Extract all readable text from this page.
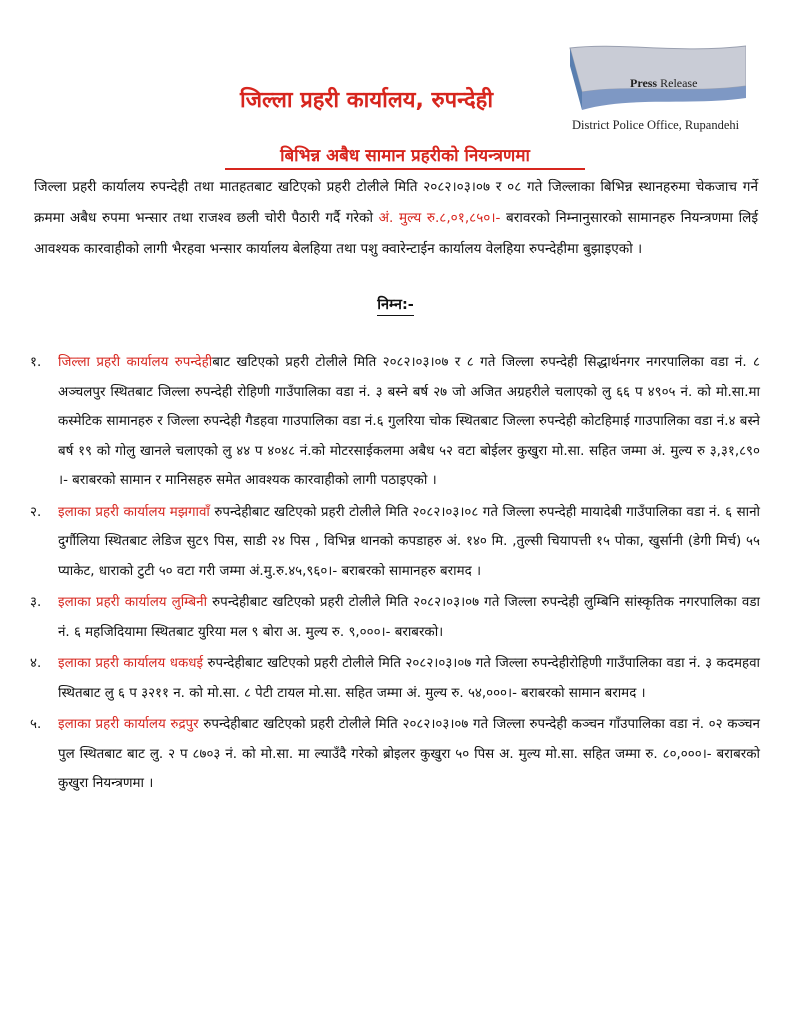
Press Release
District Police Office, Rupandehi
जिल्ला प्रहरी कार्यालय, रुपन्देही
बिभिन्न अबैध सामान प्रहरीको नियन्त्रणमा
जिल्ला प्रहरी कार्यालय रुपन्देही तथा मातहतबाट खटिएको प्रहरी टोलीले मिति २०८२।०३।०७ र ०८ गते जिल्लाका बिभिन्न स्थानहरुमा चेकजाच गर्ने क्रममा अबैध रुपमा भन्सार तथा राजश्व छली चोरी पैठारी गर्दै गरेको अं. मुल्य रु.८,०१,८५०।- बरावरको निम्नानुसारको सामानहरु नियन्त्रणमा लिई आवश्यक कारवाहीको लागी भैरहवा भन्सार कार्यालय बेलहिया तथा पशु क्वारेन्टाईन कार्यालय वेलहिया रुपन्देहीमा बुझाइएको ।
निम्न:-
१.	जिल्ला प्रहरी कार्यालय रुपन्देहीबाट खटिएको प्रहरी टोलीले मिति २०८२।०३।०७ र ८ गते जिल्ला रुपन्देही सिद्धार्थनगर नगरपालिका वडा नं. ८ अञ्चलपुर स्थितबाट जिल्ला रुपन्देही रोहिणी गाउँपालिका वडा नं. ३ बस्ने बर्ष २७ जो अजित अग्रहरीले चलाएको लु ६६ प ४९०५ नं. को मो.सा.मा कस्मेटिक सामानहरु र जिल्ला रुपन्देही गैडहवा गाउपालिका वडा नं.६ गुलरिया चोक स्थितबाट जिल्ला रुपन्देही कोटहिमाई गाउपालिका वडा नं.४ बस्ने बर्ष १९ को गोलु खानले चलाएको लु ४४ प ४०४८ नं.को मोटरसाईकलमा अबैध ५२ वटा बोईलर कुखुरा मो.सा. सहित जम्मा अं. मुल्य रु ३,३१,८९० ।- बराबरको सामान र मानिसहरु समेत आवश्यक कारवाहीको लागी पठाइएको ।
२.	इलाका प्रहरी कार्यालय मझगावाँ रुपन्देहीबाट खटिएको प्रहरी टोलीले मिति २०८२।०३।०८ गते जिल्ला रुपन्देही मायादेबी गाउँपालिका वडा नं. ६ सानो दुर्गौलिया स्थितबाट लेडिज सुट९ पिस, साडी २४ पिस , विभिन्न थानको कपडाहरु अं. १४० मि. ,तुल्सी चियापत्ती १५ पोका, खुर्सानी (डेगी मिर्च) ५५ प्याकेट, धाराको टुटी ५० वटा गरी जम्मा अं.मु.रु.४५,९६०।- बराबरको सामानहरु बरामद ।
३.	इलाका प्रहरी कार्यालय लुम्बिनी रुपन्देहीबाट खटिएको प्रहरी टोलीले मिति २०८२।०३।०७ गते जिल्ला रुपन्देही लुम्बिनि सांस्कृतिक नगरपालिका वडा नं. ६ महजिदियामा स्थितबाट युरिया मल ९ बोरा अ. मुल्य रु. ९,०००।- बराबरको।
४.	इलाका प्रहरी कार्यालय धकधई रुपन्देहीबाट खटिएको प्रहरी टोलीले मिति २०८२।०३।०७ गते जिल्ला रुपन्देहीरोहिणी गाउँपालिका वडा नं. ३ कदमहवा स्थितबाट लु ६ प ३२११ न. को मो.सा. ८ पेटी टायल मो.सा. सहित जम्मा अं. मुल्य रु. ५४,०००।- बराबरको सामान बरामद ।
५.	इलाका प्रहरी कार्यालय रुद्रपुर रुपन्देहीबाट खटिएको प्रहरी टोलीले मिति २०८२।०३।०७ गते जिल्ला रुपन्देही कञ्चन गाँउपालिका वडा नं. ०२ कञ्चन पुल स्थितबाट बाट लु. २ प ८७०३ नं. को मो.सा. मा ल्याउँदै गरेको ब्रोइलर कुखुरा ५० पिस अ. मुल्य मो.सा. सहित जम्मा रु. ८०,०००।- बराबरको कुखुरा नियन्त्रणमा ।
